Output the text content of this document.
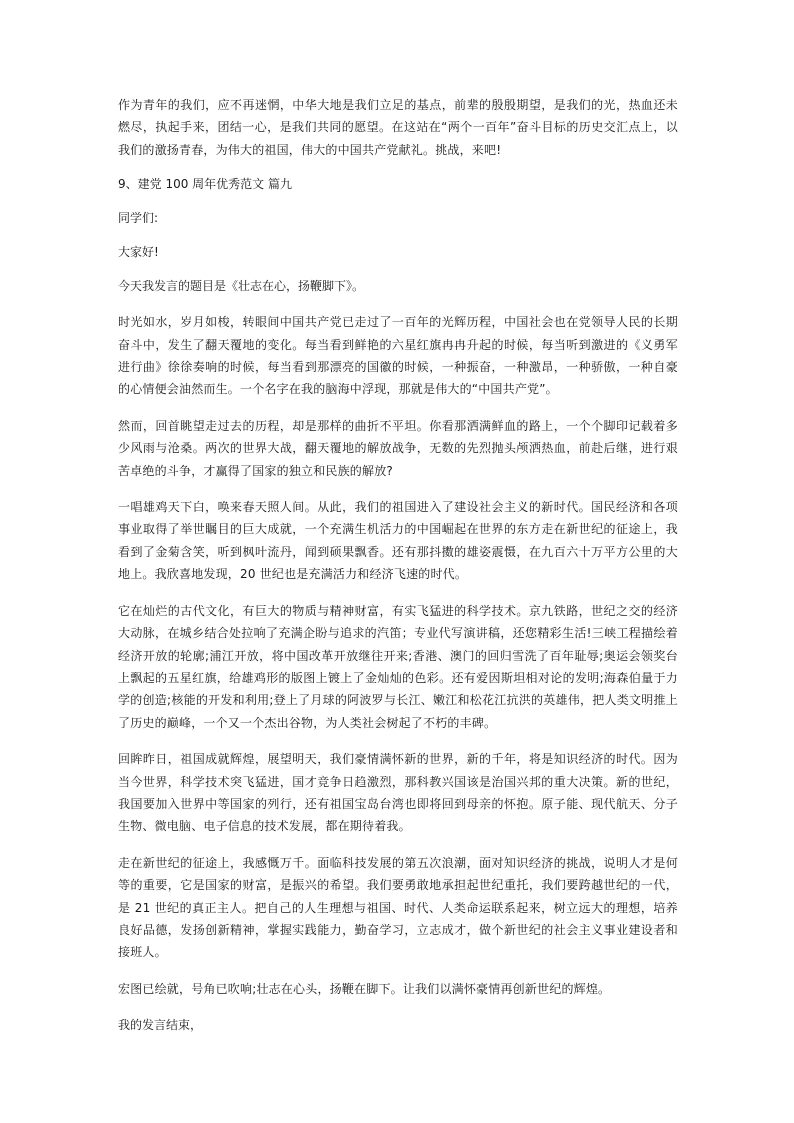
作为青年的我们，应不再迷惘，中华大地是我们立足的基点，前辈的殷殷期望，是我们的光，热血还未燃尽，执起手来，团结一心，是我们共同的愿望。在这站在“两个一百年”奋斗目标的历史交汇点上，以我们的激扬青春，为伟大的祖国，伟大的中国共产党献礼。挑战，来吧!

9、建党 100 周年优秀范文 篇九

同学们:

大家好!

今天我发言的题目是《壮志在心，扬鞭脚下》。

时光如水，岁月如梭，转眼间中国共产党已走过了一百年的光辉历程，中国社会也在党领导人民的长期奋斗中，发生了翻天覆地的变化。每当看到鲜艳的六星红旗冉冉升起的时候，每当听到激进的《义勇军进行曲》徐徐奏响的时候，每当看到那漂亮的国徽的时候，一种振奋，一种激昂，一种骄傲，一种自豪的心情便会油然而生。一个名字在我的脑海中浮现，那就是伟大的“中国共产党”。

然而，回首眺望走过去的历程，却是那样的曲折不平坦。你看那洒满鲜血的路上，一个个脚印记载着多少风雨与沧桑。两次的世界大战，翻天覆地的解放战争，无数的先烈抛头颅洒热血，前赴后继，进行艰苦卓绝的斗争，才赢得了国家的独立和民族的解放?

一唱雄鸡天下白，唤来春天照人间。从此，我们的祖国进入了建设社会主义的新时代。国民经济和各项事业取得了举世瞩目的巨大成就，一个充满生机活力的中国崛起在世界的东方走在新世纪的征途上，我看到了金菊含笑，听到枫叶流丹，闻到硕果飘香。还有那抖擞的雄姿震慑，在九百六十万平方公里的大地上。我欣喜地发现，20 世纪也是充满活力和经济飞速的时代。

它在灿烂的古代文化，有巨大的物质与精神财富，有实飞猛进的科学技术。京九铁路，世纪之交的经济大动脉，在城乡结合处拉响了充满企盼与追求的汽笛；专业代写演讲稿，还您精彩生活!三峡工程描绘着经济开放的轮廓;浦江开放，将中国改革开放继往开来;香港、澳门的回归雪洗了百年耻辱;奥运会领奖台上飘起的五星红旗，给雄鸡形的版图上镀上了金灿灿的色彩。还有爱因斯坦相对论的发明;海森伯量于力学的创造;核能的开发和利用;登上了月球的阿波罗与长江、嫩江和松花江抗洪的英雄伟，把人类文明推上了历史的巅峰，一个又一个杰出谷物，为人类社会树起了不朽的丰碑。

回眸昨日，祖国成就辉煌，展望明天，我们豪情满怀新的世界，新的千年，将是知识经济的时代。因为当今世界，科学技术突飞猛进，国才竞争日趋激烈，那科教兴国该是治国兴邦的重大决策。新的世纪，我国要加入世界中等国家的列行，还有祖国宝岛台湾也即将回到母亲的怀抱。原子能、现代航天、分子生物、微电脑、电子信息的技术发展，都在期待着我。

走在新世纪的征途上，我感慨万千。面临科技发展的第五次浪潮，面对知识经济的挑战，说明人才是何等的重要，它是国家的财富，是振兴的希望。我们要勇敢地承担起世纪重托，我们要跨越世纪的一代，是 21 世纪的真正主人。把自己的人生理想与祖国、时代、人类命运联系起来，树立远大的理想，培养良好品德，发扬创新精神，掌握实践能力，勤奋学习，立志成才，做个新世纪的社会主义事业建设者和接班人。

宏图已绘就，号角已吹响;壮志在心头，扬鞭在脚下。让我们以满怀豪情再创新世纪的辉煌。

我的发言结束，
